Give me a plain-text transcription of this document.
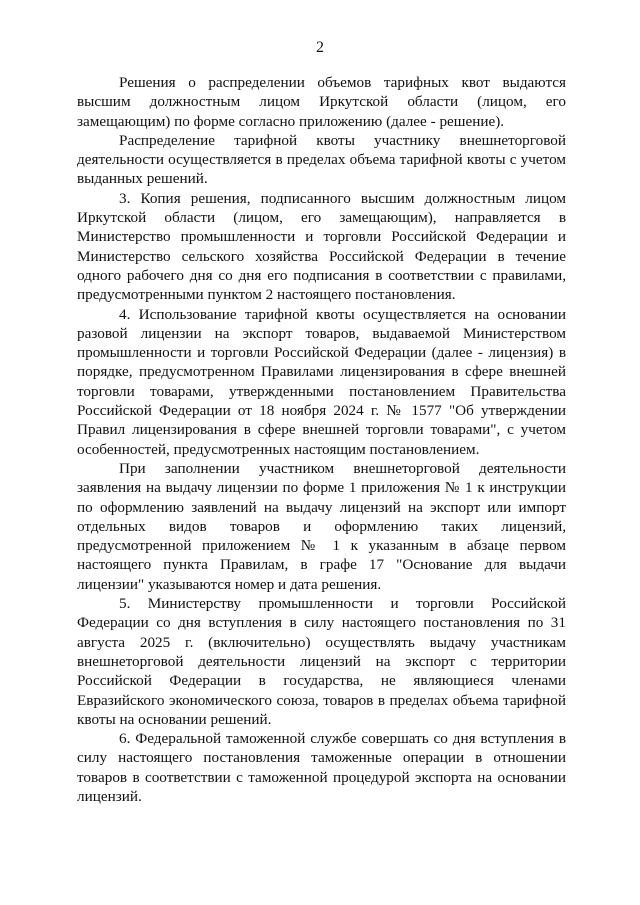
2

Решения о распределении объемов тарифных квот выдаются высшим должностным лицом Иркутской области (лицом, его замещающим) по форме согласно приложению (далее - решение).

Распределение тарифной квоты участнику внешнеторговой деятельности осуществляется в пределах объема тарифной квоты с учетом выданных решений.

3. Копия решения, подписанного высшим должностным лицом Иркутской области (лицом, его замещающим), направляется в Министерство промышленности и торговли Российской Федерации и Министерство сельского хозяйства Российской Федерации в течение одного рабочего дня со дня его подписания в соответствии с правилами, предусмотренными пунктом 2 настоящего постановления.

4. Использование тарифной квоты осуществляется на основании разовой лицензии на экспорт товаров, выдаваемой Министерством промышленности и торговли Российской Федерации (далее - лицензия) в порядке, предусмотренном Правилами лицензирования в сфере внешней торговли товарами, утвержденными постановлением Правительства Российской Федерации от 18 ноября 2024 г. № 1577 "Об утверждении Правил лицензирования в сфере внешней торговли товарами", с учетом особенностей, предусмотренных настоящим постановлением.

При заполнении участником внешнеторговой деятельности заявления на выдачу лицензии по форме 1 приложения № 1 к инструкции по оформлению заявлений на выдачу лицензий на экспорт или импорт отдельных видов товаров и оформлению таких лицензий, предусмотренной приложением № 1 к указанным в абзаце первом настоящего пункта Правилам, в графе 17 "Основание для выдачи лицензии" указываются номер и дата решения.

5. Министерству промышленности и торговли Российской Федерации со дня вступления в силу настоящего постановления по 31 августа 2025 г. (включительно) осуществлять выдачу участникам внешнеторговой деятельности лицензий на экспорт с территории Российской Федерации в государства, не являющиеся членами Евразийского экономического союза, товаров в пределах объема тарифной квоты на основании решений.

6. Федеральной таможенной службе совершать со дня вступления в силу настоящего постановления таможенные операции в отношении товаров в соответствии с таможенной процедурой экспорта на основании лицензий.
